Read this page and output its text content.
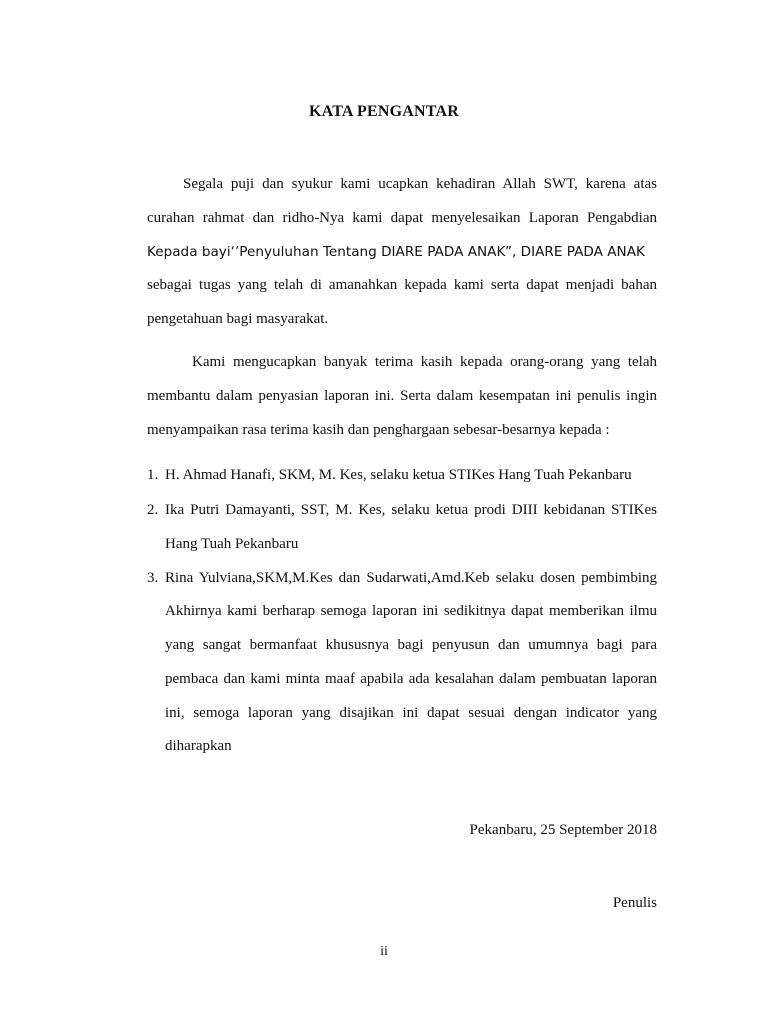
KATA PENGANTAR
Segala puji dan syukur kami ucapkan kehadiran Allah SWT, karena atas
curahan rahmat dan ridho-Nya kami dapat menyelesaikan Laporan Pengabdian
Kepada bayi‘’Penyuluhan Tentang DIARE PADA ANAK”, DIARE PADA ANAK
sebagai tugas yang telah di amanahkan kepada kami serta dapat menjadi bahan
pengetahuan bagi masyarakat.
Kami mengucapkan banyak terima kasih kepada orang-orang yang telah
membantu dalam penyasian laporan ini. Serta dalam kesempatan ini penulis ingin
menyampaikan rasa terima kasih dan penghargaan sebesar-besarnya kepada :
1. H. Ahmad Hanafi, SKM, M. Kes, selaku ketua STIKes Hang Tuah Pekanbaru
2. Ika Putri Damayanti, SST, M. Kes, selaku ketua prodi DIII kebidanan STIKes
Hang Tuah Pekanbaru
3. Rina Yulviana,SKM,M.Kes dan Sudarwati,Amd.Keb selaku dosen pembimbing
Akhirnya kami berharap semoga laporan ini sedikitnya dapat memberikan ilmu
yang sangat bermanfaat khususnya bagi penyusun dan umumnya bagi para
pembaca dan kami minta maaf apabila ada kesalahan dalam pembuatan laporan
ini, semoga laporan yang disajikan ini dapat sesuai dengan indicator yang
diharapkan
Pekanbaru, 25 September 2018
Penulis
ii
